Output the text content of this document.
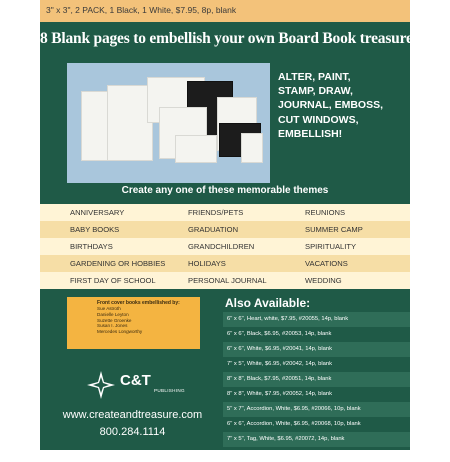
3" x 3", 2 PACK, 1 Black, 1 White, $7.95, 8p, blank
8 Blank pages to embellish your own Board Book treasure!
ALTER, PAINT,
STAMP, DRAW,
JOURNAL, EMBOSS,
CUT WINDOWS,
EMBELLISH!
Create any one of these memorable themes
ANNIVERSARY	FRIENDS/PETS	REUNIONS
BABY BOOKS	GRADUATION	SUMMER CAMP
BIRTHDAYS	GRANDCHILDREN	SPIRITUALITY
GARDENING OR HOBBIES	HOLIDAYS	VACATIONS
FIRST DAY OF SCHOOL	PERSONAL JOURNAL	WEDDING
Front cover books embellished by:
Sue Astroth
Danielle Leyton
Suzette Groenke
Susan I. Jones
Mercedes Longworthy
Also Available:
6" x 6", Heart, white, $7.95, #20055, 14p, blank
6" x 6", Black, $6.95, #20053, 14p, blank
6" x 6", White, $6.95, #20041, 14p, blank
7" x 5", White, $6.95, #20042, 14p, blank
8" x 8", Black, $7.95, #20051, 14p, blank
8" x 8", White, $7.95, #20052, 14p, blank
5" x 7", Accordion, White, $6.95, #20066, 10p, blank
6" x 6", Accordion, White, $6.95, #20068, 10p, blank
7" x 5", Tag, White, $6.95, #20072, 14p, blank
5" x 3", Tag, 2 Pack, White, $7.95, #20070, 8p, blank
C&T
PUBLISHING
www.createandtreasure.com
800.284.1114
